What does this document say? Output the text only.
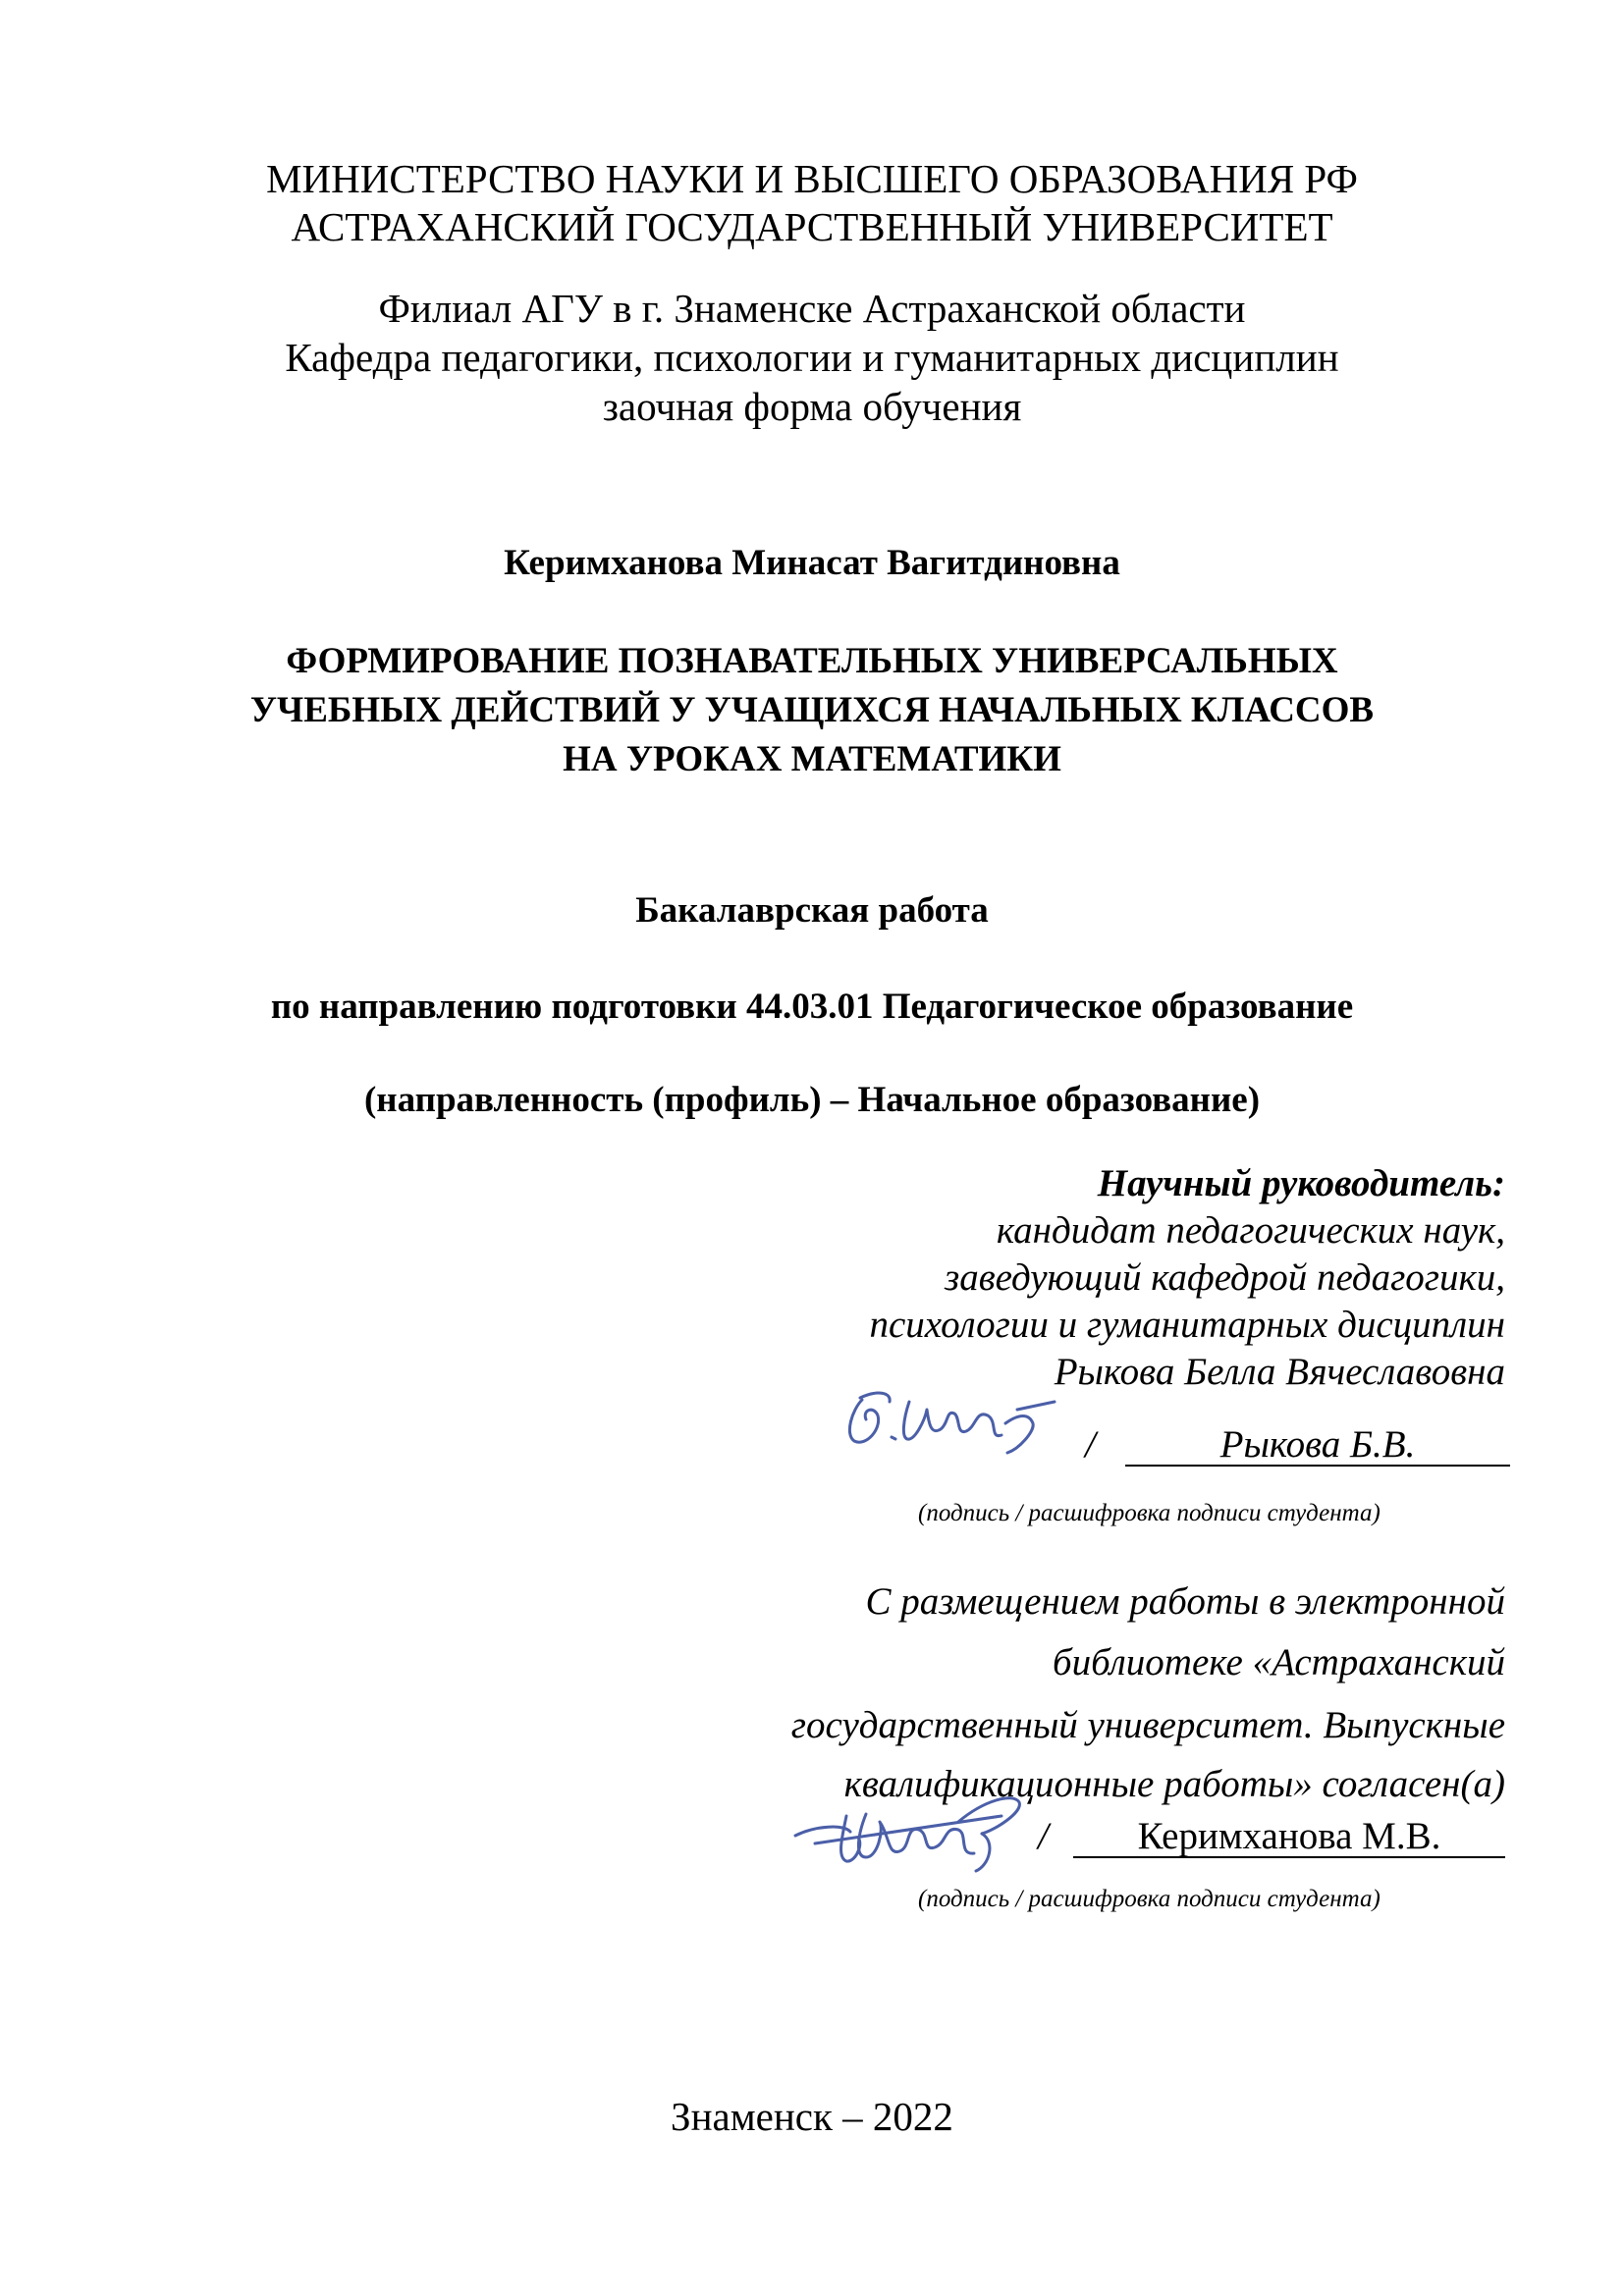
МИНИСТЕРСТВО НАУКИ И ВЫСШЕГО ОБРАЗОВАНИЯ РФ
АСТРАХАНСКИЙ ГОСУДАРСТВЕННЫЙ УНИВЕРСИТЕТ
Филиал АГУ в г. Знаменске Астраханской области
Кафедра педагогики, психологии и гуманитарных дисциплин
заочная форма обучения
Керимханова Минасат Вагитдиновна
ФОРМИРОВАНИЕ ПОЗНАВАТЕЛЬНЫХ УНИВЕРСАЛЬНЫХ
УЧЕБНЫХ ДЕЙСТВИЙ У УЧАЩИХСЯ НАЧАЛЬНЫХ КЛАССОВ
НА УРОКАХ МАТЕМАТИКИ
Бакалаврская работа
по направлению подготовки 44.03.01 Педагогическое образование
(направленность (профиль) – Начальное образование)
Научный руководитель:
кандидат педагогических наук,
заведующий кафедрой педагогики,
психологии и гуманитарных дисциплин
Рыкова Белла Вячеславовна
/	Рыкова Б.В.
(подпись / расшифровка подписи студента)
С размещением работы в электронной
библиотеке «Астраханский
государственный университет. Выпускные
квалификационные работы» согласен(а)
/	Керимханова М.В.
(подпись / расшифровка подписи студента)
Знаменск – 2022
